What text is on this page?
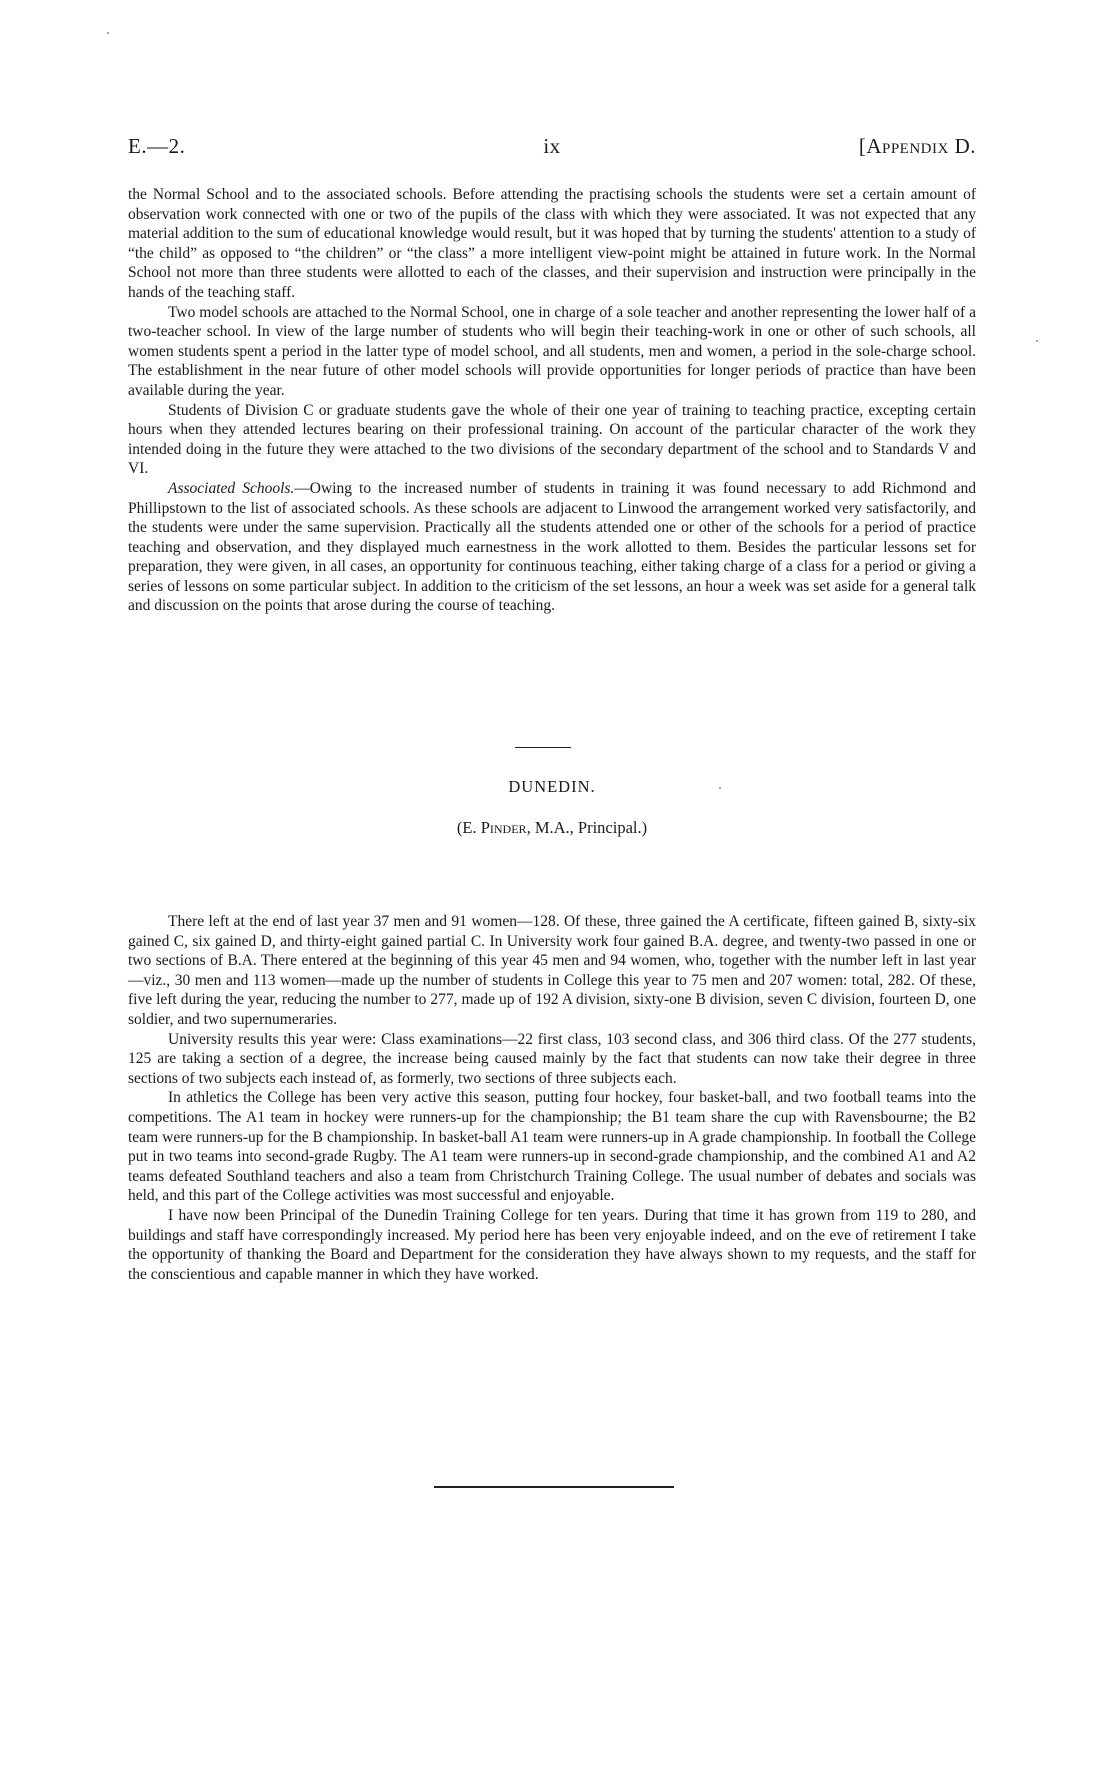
E.—2.	ix	[Appendix D.

the Normal School and to the associated schools. Before attending the practising schools the students were set a certain amount of observation work connected with one or two of the pupils of the class with which they were associated. It was not expected that any material addition to the sum of educational knowledge would result, but it was hoped that by turning the students' attention to a study of “the child” as opposed to “the children” or “the class” a more intelligent view-point might be attained in future work. In the Normal School not more than three students were allotted to each of the classes, and their supervision and instruction were principally in the hands of the teaching staff.

Two model schools are attached to the Normal School, one in charge of a sole teacher and another representing the lower half of a two-teacher school. In view of the large number of students who will begin their teaching-work in one or other of such schools, all women students spent a period in the latter type of model school, and all students, men and women, a period in the sole-charge school. The establishment in the near future of other model schools will provide opportunities for longer periods of practice than have been available during the year.

Students of Division C or graduate students gave the whole of their one year of training to teaching practice, excepting certain hours when they attended lectures bearing on their professional training. On account of the particular character of the work they intended doing in the future they were attached to the two divisions of the secondary department of the school and to Standards V and VI.

Associated Schools.—Owing to the increased number of students in training it was found necessary to add Richmond and Phillipstown to the list of associated schools. As these schools are adjacent to Linwood the arrangement worked very satisfactorily, and the students were under the same supervision. Practically all the students attended one or other of the schools for a period of practice teaching and observation, and they displayed much earnestness in the work allotted to them. Besides the particular lessons set for preparation, they were given, in all cases, an opportunity for continuous teaching, either taking charge of a class for a period or giving a series of lessons on some particular subject. In addition to the criticism of the set lessons, an hour a week was set aside for a general talk and discussion on the points that arose during the course of teaching.

DUNEDIN.
(E. Pinder, M.A., Principal.)

There left at the end of last year 37 men and 91 women—128. Of these, three gained the A certificate, fifteen gained B, sixty-six gained C, six gained D, and thirty-eight gained partial C. In University work four gained B.A. degree, and twenty-two passed in one or two sections of B.A. There entered at the beginning of this year 45 men and 94 women, who, together with the number left in last year—viz., 30 men and 113 women—made up the number of students in College this year to 75 men and 207 women: total, 282. Of these, five left during the year, reducing the number to 277, made up of 192 A division, sixty-one B division, seven C division, fourteen D, one soldier, and two supernumeraries.

University results this year were: Class examinations—22 first class, 103 second class, and 306 third class. Of the 277 students, 125 are taking a section of a degree, the increase being caused mainly by the fact that students can now take their degree in three sections of two subjects each instead of, as formerly, two sections of three subjects each.

In athletics the College has been very active this season, putting four hockey, four basket-ball, and two football teams into the competitions. The A1 team in hockey were runners-up for the championship; the B1 team share the cup with Ravensbourne; the B2 team were runners-up for the B championship. In basket-ball A1 team were runners-up in A grade championship. In football the College put in two teams into second-grade Rugby. The A1 team were runners-up in second-grade championship, and the combined A1 and A2 teams defeated Southland teachers and also a team from Christchurch Training College. The usual number of debates and socials was held, and this part of the College activities was most successful and enjoyable.

I have now been Principal of the Dunedin Training College for ten years. During that time it has grown from 119 to 280, and buildings and staff have correspondingly increased. My period here has been very enjoyable indeed, and on the eve of retirement I take the opportunity of thanking the Board and Department for the consideration they have always shown to my requests, and the staff for the conscientious and capable manner in which they have worked.
